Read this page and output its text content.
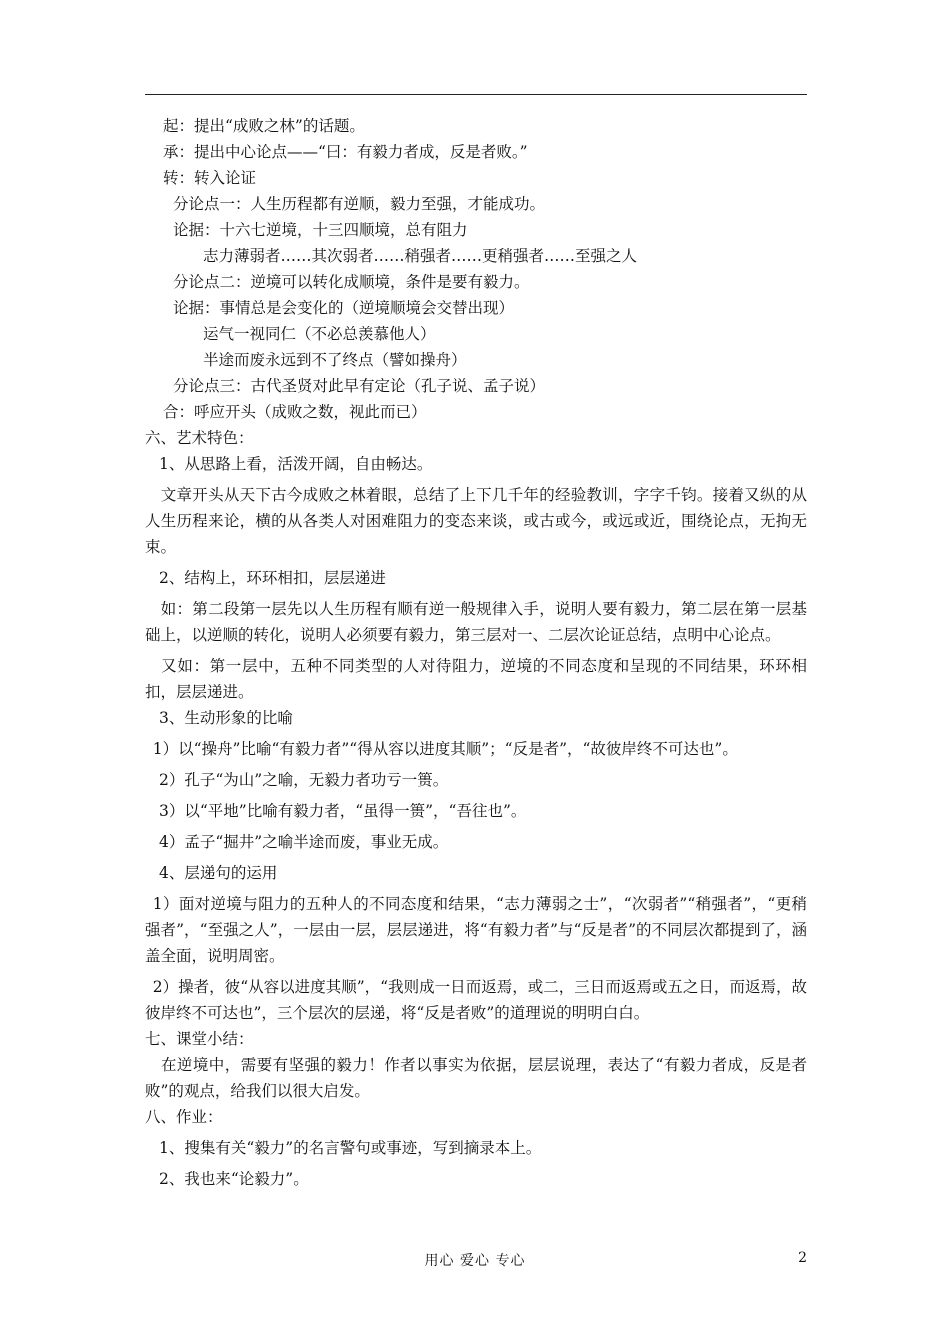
起：提出“成败之林”的话题。
承：提出中心论点——“曰：有毅力者成，反是者败。”
转：转入论证
分论点一：人生历程都有逆顺，毅力至强，才能成功。
论据：十六七逆境，十三四顺境，总有阻力
志力薄弱者……其次弱者……稍强者……更稍强者……至强之人
分论点二：逆境可以转化成顺境，条件是要有毅力。
论据：事情总是会变化的（逆境顺境会交替出现）
运气一视同仁（不必总羡慕他人）
半途而废永远到不了终点（譬如操舟）
分论点三：古代圣贤对此早有定论（孔子说、孟子说）
合：呼应开头（成败之数，视此而已）
六、艺术特色：
1、从思路上看，活泼开阔，自由畅达。

 文章开头从天下古今成败之林着眼，总结了上下几千年的经验教训，字字千钧。接着又纵的从人生历程来论，横的从各类人对困难阻力的变态来谈，或古或今，或远或近，围绕论点，无拘无束。

2、结构上，环环相扣，层层递进

 如：第二段第一层先以人生历程有顺有逆一般规律入手，说明人要有毅力，第二层在第一层基础上，以逆顺的转化，说明人必须要有毅力，第三层对一、二层次论证总结，点明中心论点。

 又如：第一层中，五种不同类型的人对待阻力，逆境的不同态度和呈现的不同结果，环环相扣，层层递进。

3、生动形象的比喻

 1）以“操舟”比喻“有毅力者”“得从容以进度其顺”；“反是者”，“故彼岸终不可达也”。

2）孔子“为山”之喻，无毅力者功亏一篑。
3）以“平地”比喻有毅力者，“虽得一篑”，“吾往也”。
4）孟子“掘井”之喻半途而废，事业无成。
4、层递句的运用

 1）面对逆境与阻力的五种人的不同态度和结果，“志力薄弱之士”，“次弱者”“稍强者”，“更稍强者”，“至强之人”，一层由一层，层层递进，将“有毅力者”与“反是者”的不同层次都提到了，涵盖全面，说明周密。

 2）操者，彼“从容以进度其顺”，“我则成一日而返焉，或二，三日而返焉或五之日，而返焉，故彼岸终不可达也”，三个层次的层递，将“反是者败”的道理说的明明白白。

七、课堂小结：

 在逆境中，需要有坚强的毅力！作者以事实为依据，层层说理，表达了“有毅力者成，反是者败”的观点，给我们以很大启发。

八、作业：
1、搜集有关“毅力”的名言警句或事迹，写到摘录本上。
2、我也来“论毅力”。
用心 爱心 专心	2
